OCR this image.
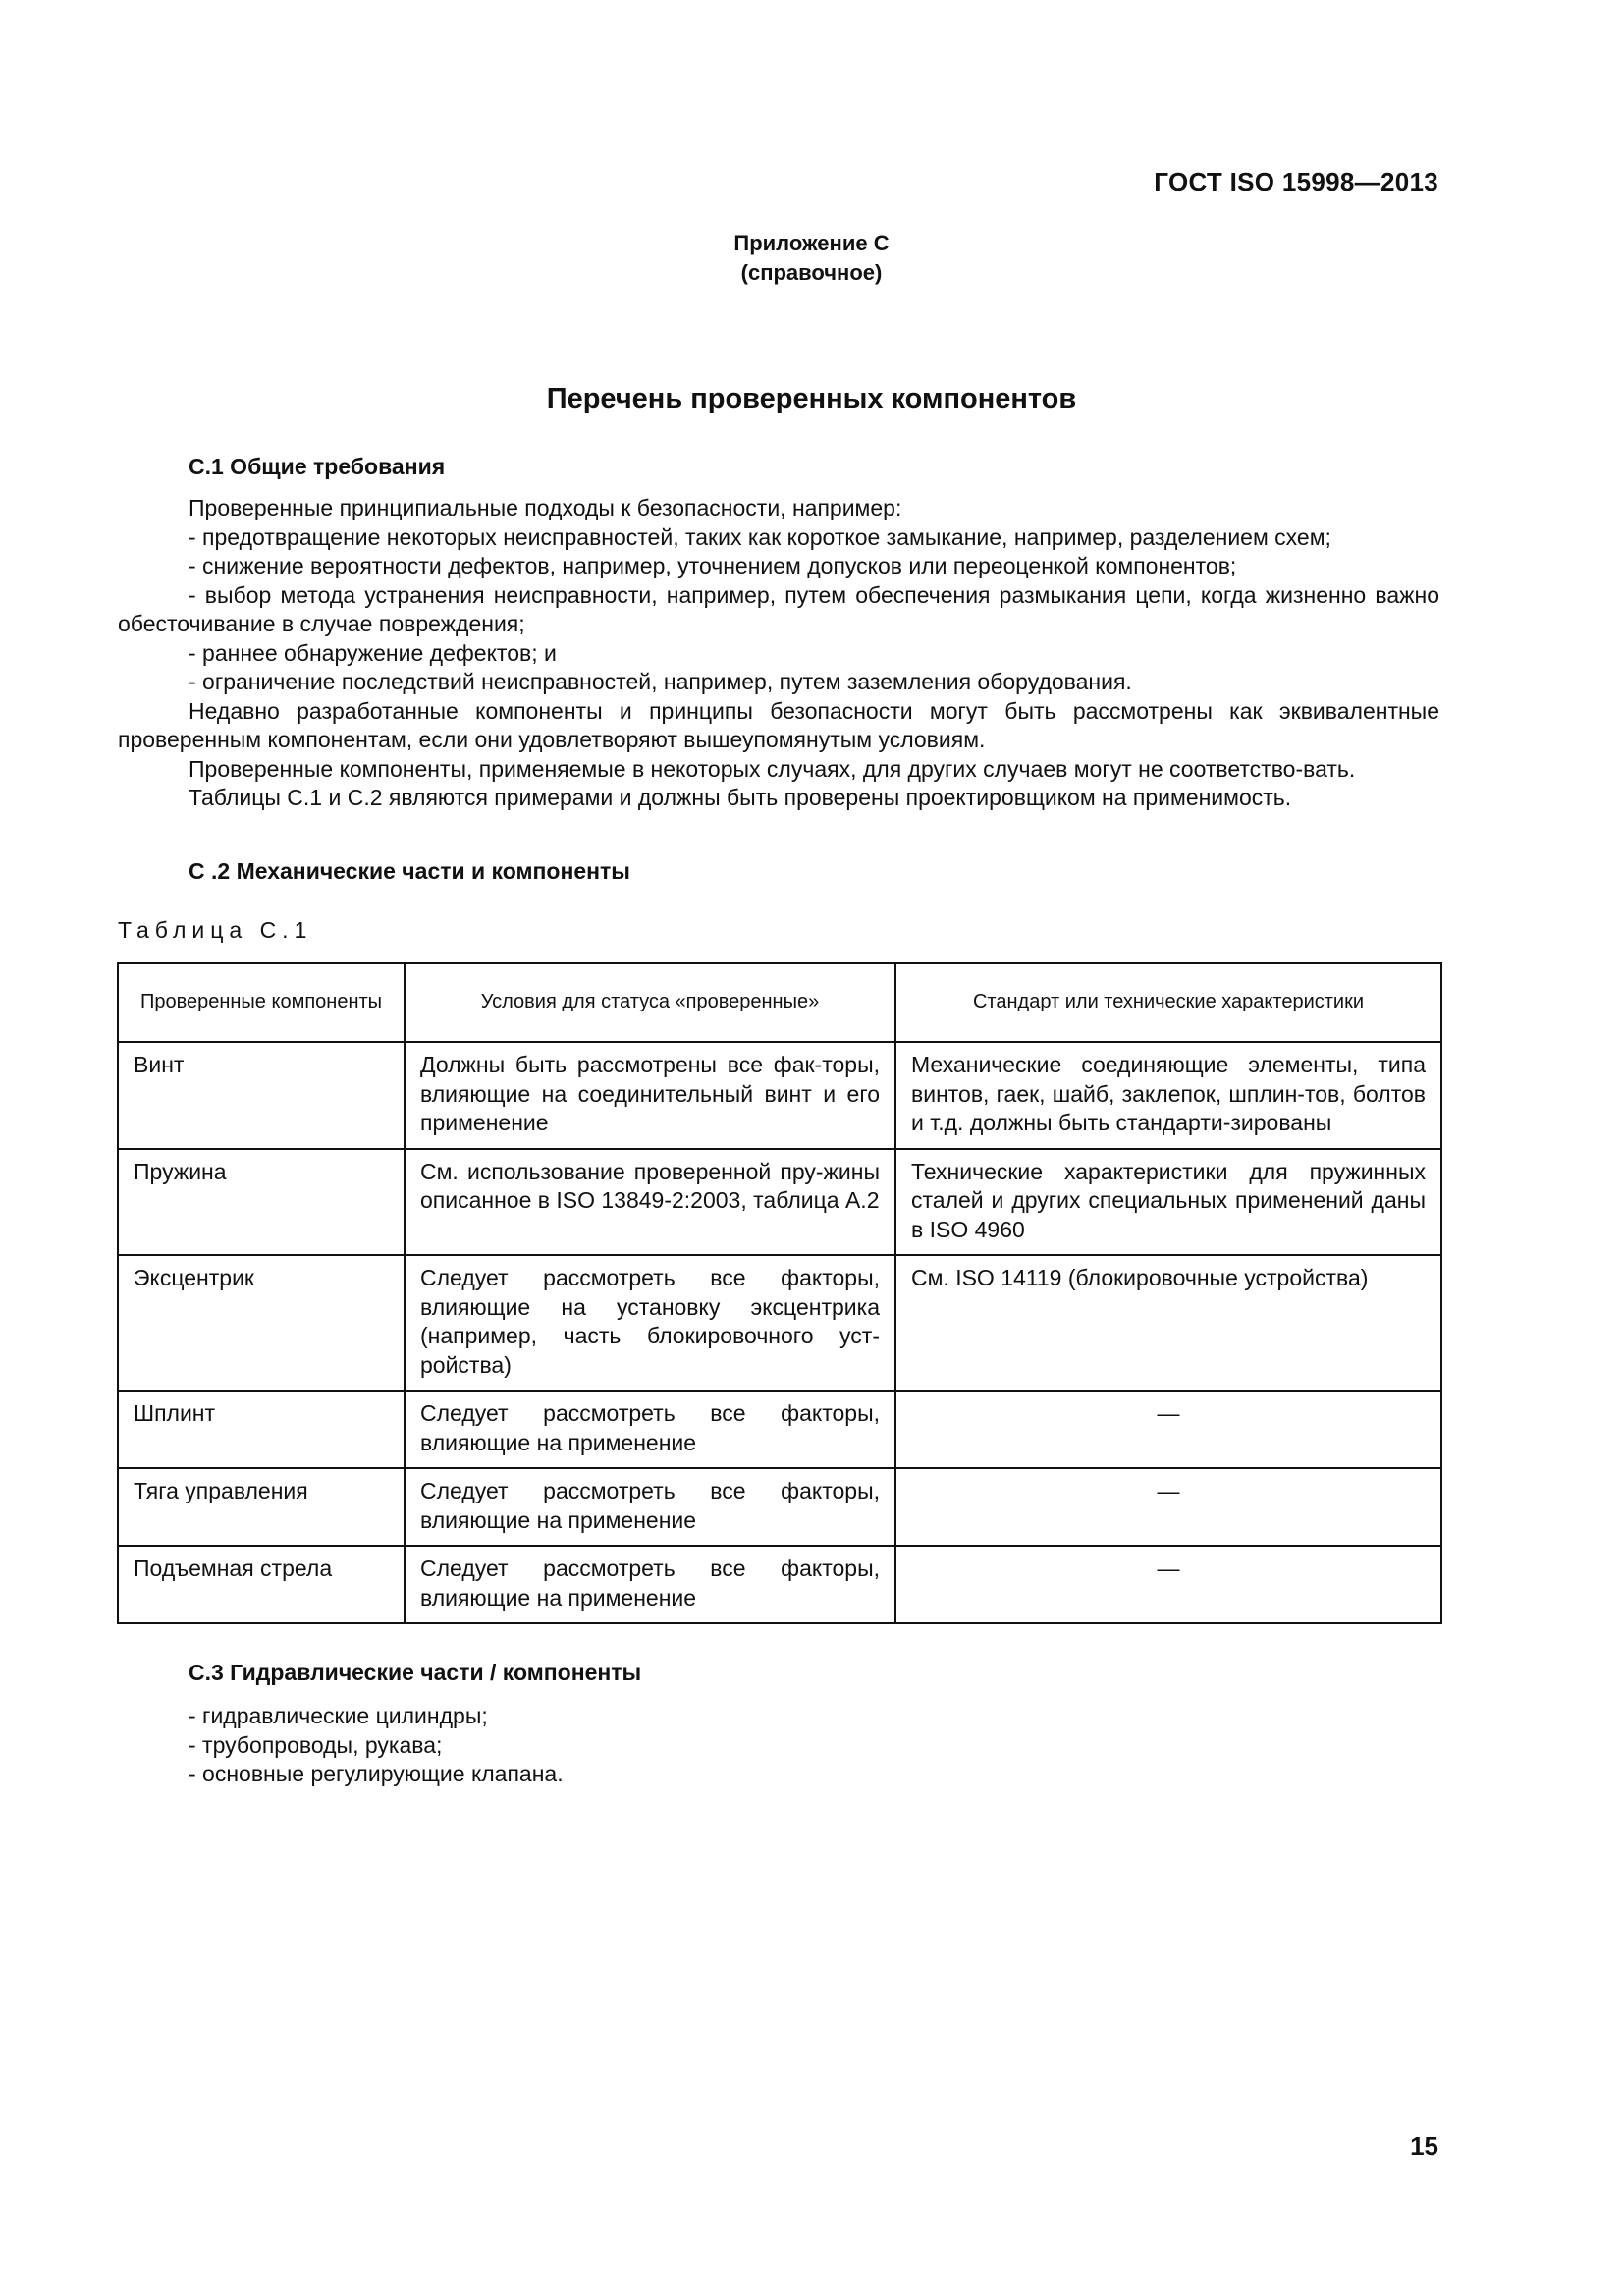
ГОСТ ISO 15998—2013
Приложение С
(справочное)
Перечень проверенных компонентов
С.1 Общие требования

Проверенные принципиальные подходы к безопасности, например:

- предотвращение некоторых неисправностей, таких как короткое замыкание, например, разделением схем;

- снижение вероятности дефектов, например, уточнением допусков или переоценкой компонентов;

- выбор метода устранения неисправности, например, путем обеспечения размыкания цепи, когда жизненно важно обесточивание в случае повреждения;

- раннее обнаружение дефектов; и

- ограничение последствий неисправностей, например, путем заземления оборудования.

Недавно разработанные компоненты и принципы безопасности могут быть рассмотрены как эквивалентные проверенным компонентам, если они удовлетворяют вышеупомянутым условиям.

Проверенные компоненты, применяемые в некоторых случаях, для других случаев могут не соответство-вать.

Таблицы С.1 и С.2 являются примерами и должны быть проверены проектировщиком на применимость.

С .2 Механические части и компоненты
Таблица С.1
Проверенные компоненты	Условия для статуса «проверенные»	Стандарт или технические характеристики
Винт	Должны быть рассмотрены все фак-торы, влияющие на соединительный винт и его применение	Механические соединяющие элементы, типа винтов, гаек, шайб, заклепок, шплин-тов, болтов и т.д. должны быть стандарти-зированы
Пружина	См. использование проверенной пру-жины описанное в ISO 13849-2:2003, таблица А.2	Технические характеристики для пружинных сталей и других специальных применений даны в ISO 4960
Эксцентрик	Следует рассмотреть все факторы, влияющие на установку эксцентрика (например, часть блокировочного уст-ройства)	См. ISO 14119 (блокировочные устройства)
Шплинт	Следует рассмотреть все факторы, влияющие на применение	—
Тяга управления	Следует рассмотреть все факторы, влияющие на применение	—
Подъемная стрела	Следует рассмотреть все факторы, влияющие на применение	—
С.3 Гидравлические части / компоненты
- гидравлические цилиндры;
- трубопроводы, рукава;
- основные регулирующие клапана.
15
